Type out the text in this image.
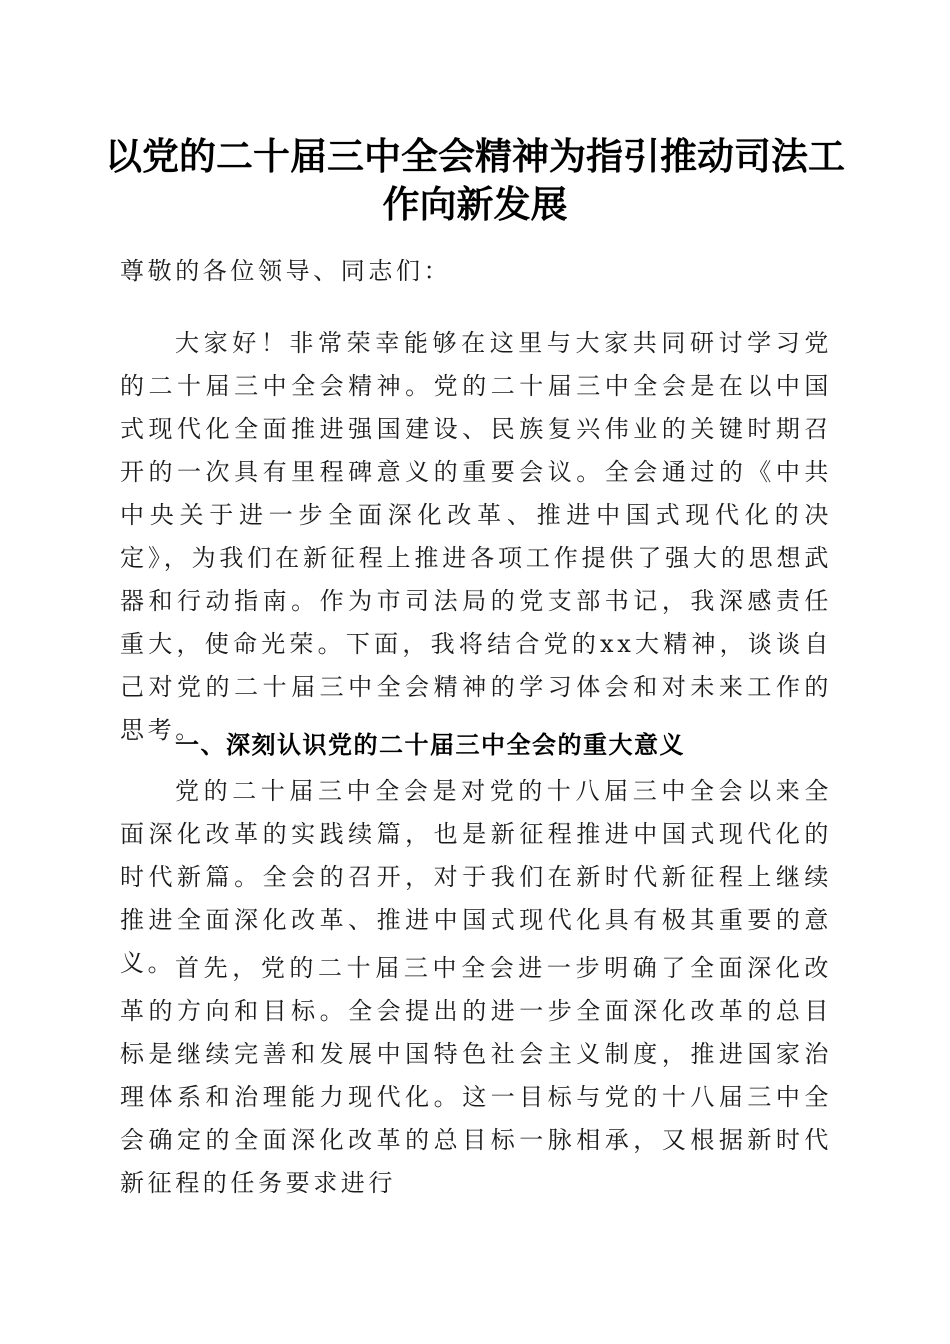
以党的二十届三中全会精神为指引推动司法工作向新发展

尊敬的各位领导、同志们：

大家好！非常荣幸能够在这里与大家共同研讨学习党的二十届三中全会精神。党的二十届三中全会是在以中国式现代化全面推进强国建设、民族复兴伟业的关键时期召开的一次具有里程碑意义的重要会议。全会通过的《中共中央关于进一步全面深化改革、推进中国式现代化的决定》，为我们在新征程上推进各项工作提供了强大的思想武器和行动指南。作为市司法局的党支部书记，我深感责任重大，使命光荣。下面，我将结合党的xx大精神，谈谈自己对党的二十届三中全会精神的学习体会和对未来工作的思考。

一、深刻认识党的二十届三中全会的重大意义

党的二十届三中全会是对党的十八届三中全会以来全面深化改革的实践续篇，也是新征程推进中国式现代化的时代新篇。全会的召开，对于我们在新时代新征程上继续推进全面深化改革、推进中国式现代化具有极其重要的意义。 首先，党的二十届三中全会进一步明确了全面深化改革的方向和目标。全会提出的进一步全面深化改革的总目标是继续完善和发展中国特色社会主义制度，推进国家治理体系和治理能力现代化。这一目标与党的十八届三中全会确定的全面深化改革的总目标一脉相承，又根据新时代新征程的任务要求进行
